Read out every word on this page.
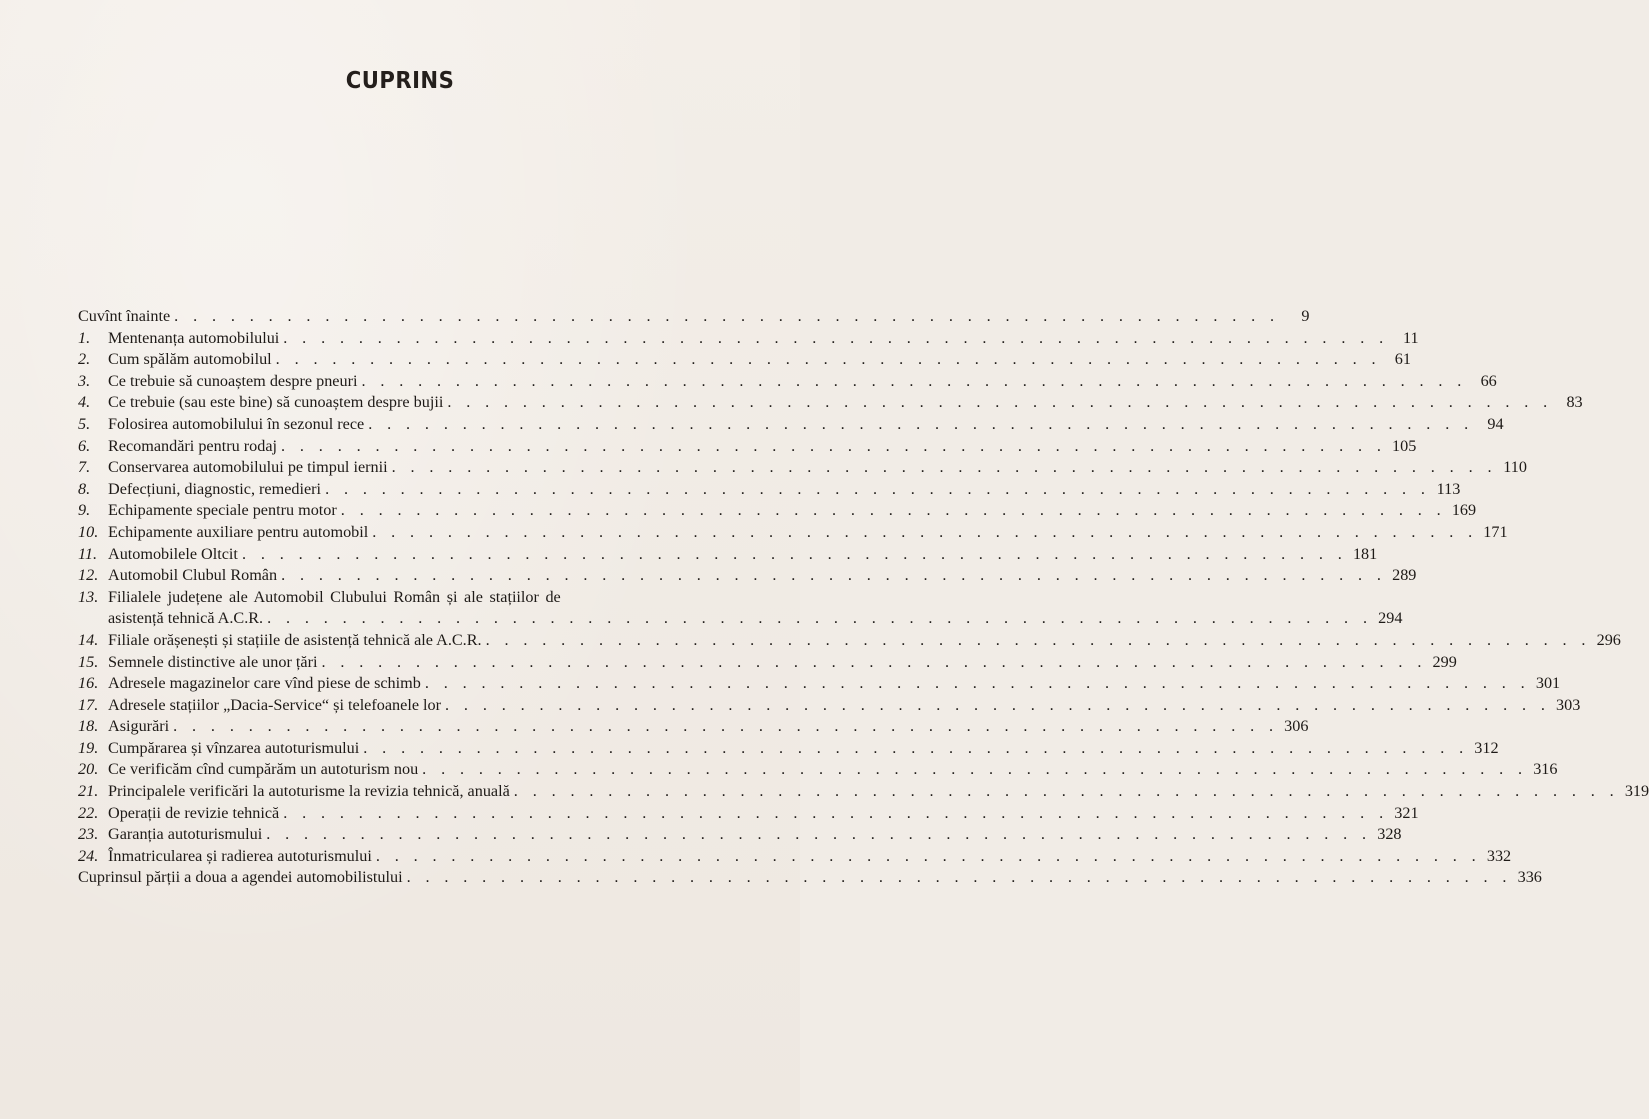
CUPRINS
Cuvînt înainte . . . . . . . . . . . . . . . . . . . . . . . . . . . . . . . . . . . . . . . . . . . . . . . . . . . . . . . . . . .	9
1.	Mentenanța automobilului . . . . . . . . . . . . . . . . . . . . . . . . . . . . . . . . . . . . . . . . . . . . . . . . . . . . . . . . . . . 11
2.	Cum spălăm automobilul . . . . . . . . . . . . . . . . . . . . . . . . . . . . . . . . . . . . . . . . . . . . . . . . . . . . . . . . . . . 61
3.	Ce trebuie să cunoaștem despre pneuri . . . . . . . . . . . . . . . . . . . . . . . . . . . . . . . . . . . . . . . . . . . . . . . . . . . . . . . . . . . 66
4.	Ce trebuie (sau este bine) să cunoaștem despre bujii . . . . . . . . . . . . . . . . . . . . . . . . . . . . . . . . . . . . . . . . . . . . . . . . . . . . . . . . . . . 83
5.	Folosirea automobilului în sezonul rece . . . . . . . . . . . . . . . . . . . . . . . . . . . . . . . . . . . . . . . . . . . . . . . . . . . . . . . . . . . 94
6.	Recomandări pentru rodaj . . . . . . . . . . . . . . . . . . . . . . . . . . . . . . . . . . . . . . . . . . . . . . . . . . . . . . . . . . . 105
7.	Conservarea automobilului pe timpul iernii . . . . . . . . . . . . . . . . . . . . . . . . . . . . . . . . . . . . . . . . . . . . . . . . . . . . . . . . . . . 110
8.	Defecțiuni, diagnostic, remedieri . . . . . . . . . . . . . . . . . . . . . . . . . . . . . . . . . . . . . . . . . . . . . . . . . . . . . . . . . . . 113
9.	Echipamente speciale pentru motor . . . . . . . . . . . . . . . . . . . . . . . . . . . . . . . . . . . . . . . . . . . . . . . . . . . . . . . . . . . 169
10. Echipamente auxiliare pentru automobil . . . . . . . . . . . . . . . . . . . . . . . . . . . . . . . . . . . . . . . . . . . . . . . . . . . . . . . . . . . 171
11. Automobilele Oltcit . . . . . . . . . . . . . . . . . . . . . . . . . . . . . . . . . . . . . . . . . . . . . . . . . . . . . . . . . . . 181
12. Automobil Clubul Român . . . . . . . . . . . . . . . . . . . . . . . . . . . . . . . . . . . . . . . . . . . . . . . . . . . . . . . . . . . 289
13. Filialele județene ale Automobil Clubului Român și ale stațiilor de
asistență tehnică A.C.R. . . . . . . . . . . . . . . . . . . . . . . . . . . . . . . . . . . . . . . . . . . . . . . . . . . . . . . . . . . . 294
14. Filiale orășenești și stațiile de asistență tehnică ale A.C.R. . . . . . . . . . . . . . . . . . . . . . . . . . . . . . . . . . . . . . . . . . . . . . . . . . . . . . . . . . . . 296
15. Semnele distinctive ale unor țări . . . . . . . . . . . . . . . . . . . . . . . . . . . . . . . . . . . . . . . . . . . . . . . . . . . . . . . . . . . 299
16. Adresele magazinelor care vînd piese de schimb . . . . . . . . . . . . . . . . . . . . . . . . . . . . . . . . . . . . . . . . . . . . . . . . . . . . . . . . . . . 301
17. Adresele stațiilor „Dacia-Service“ și telefoanele lor . . . . . . . . . . . . . . . . . . . . . . . . . . . . . . . . . . . . . . . . . . . . . . . . . . . . . . . . . . . 303
18. Asigurări . . . . . . . . . . . . . . . . . . . . . . . . . . . . . . . . . . . . . . . . . . . . . . . . . . . . . . . . . . . 306
19. Cumpărarea și vînzarea autoturismului . . . . . . . . . . . . . . . . . . . . . . . . . . . . . . . . . . . . . . . . . . . . . . . . . . . . . . . . . . . 312
20. Ce verificăm cînd cumpărăm un autoturism nou . . . . . . . . . . . . . . . . . . . . . . . . . . . . . . . . . . . . . . . . . . . . . . . . . . . . . . . . . . . 316
21. Principalele verificări la autoturisme la revizia tehnică, anuală . . . . . . . . . . . . . . . . . . . . . . . . . . . . . . . . . . . . . . . . . . . . . . . . . . . . . . . . . . . 319
22. Operații de revizie tehnică . . . . . . . . . . . . . . . . . . . . . . . . . . . . . . . . . . . . . . . . . . . . . . . . . . . . . . . . . . . 321
23. Garanția autoturismului . . . . . . . . . . . . . . . . . . . . . . . . . . . . . . . . . . . . . . . . . . . . . . . . . . . . . . . . . . . 328
24. Înmatricularea și radierea autoturismului . . . . . . . . . . . . . . . . . . . . . . . . . . . . . . . . . . . . . . . . . . . . . . . . . . . . . . . . . . . 332
Cuprinsul părții a doua a agendei automobilistului . . . . . . . . . . . . . . . . . . . . . . . . . . . . . . . . . . . . . . . . . . . . . . . . . . . . . . . . . . . 336
